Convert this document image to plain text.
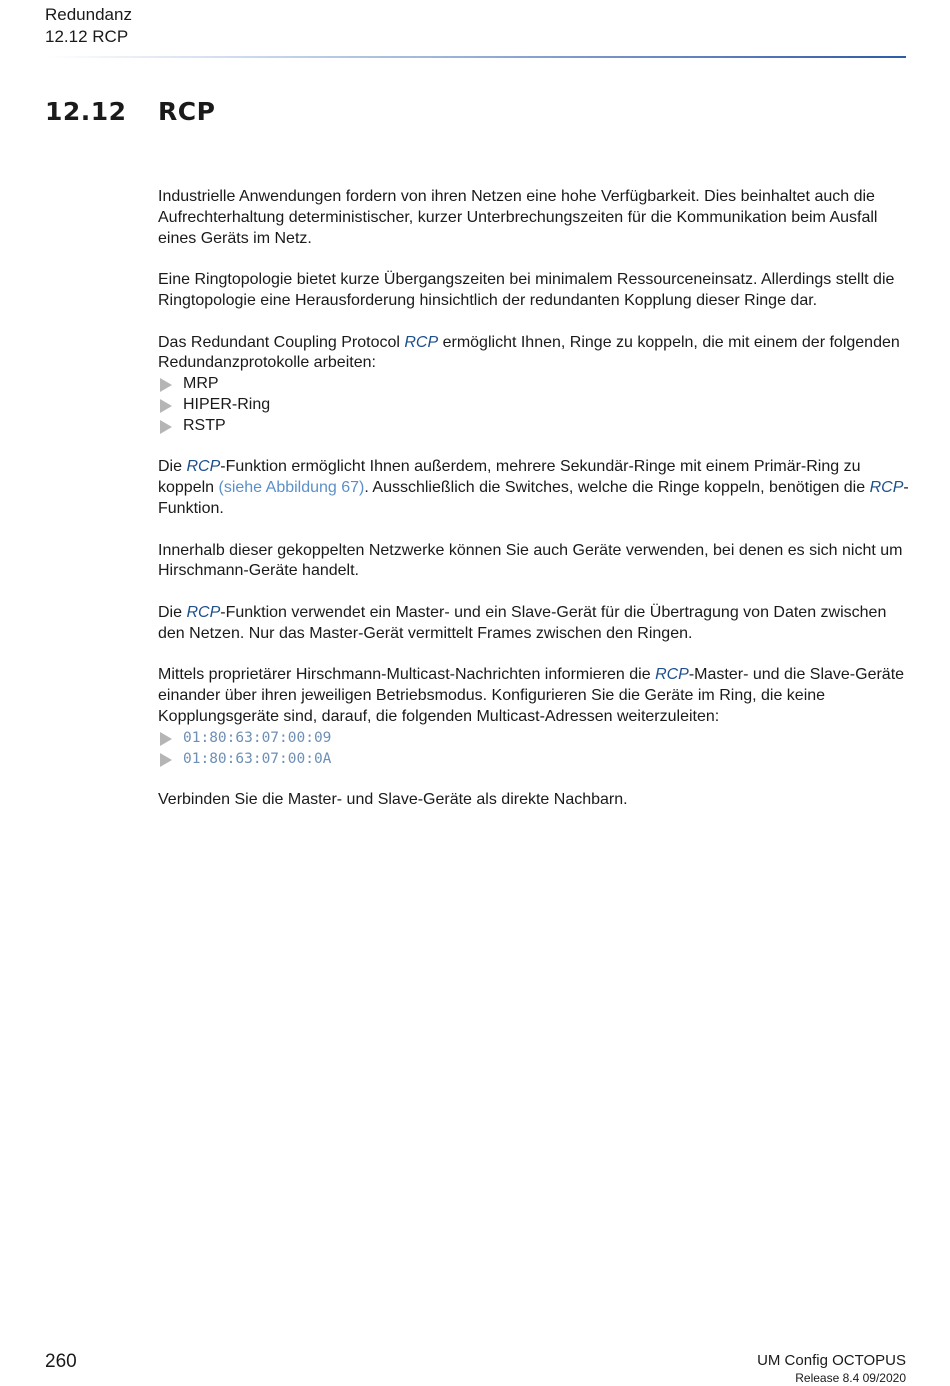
Redundanz
12.12 RCP
12.12 RCP

Industrielle Anwendungen fordern von ihren Netzen eine hohe Verfügbarkeit. Dies beinhaltet auch die Aufrechterhaltung deterministischer, kurzer Unterbrechungszeiten für die Kommunikation beim Ausfall eines Geräts im Netz.

Eine Ringtopologie bietet kurze Übergangszeiten bei minimalem Ressourceneinsatz. Allerdings stellt die Ringtopologie eine Herausforderung hinsichtlich der redundanten Kopplung dieser Ringe dar.

Das Redundant Coupling Protocol RCP ermöglicht Ihnen, Ringe zu koppeln, die mit einem der folgenden Redundanzprotokolle arbeiten:

MRP
HIPER-Ring
RSTP

Die RCP-Funktion ermöglicht Ihnen außerdem, mehrere Sekundär-Ringe mit einem Primär-Ring zu koppeln (siehe Abbildung 67). Ausschließlich die Switches, welche die Ringe koppeln, benötigen die RCP-Funktion.

Innerhalb dieser gekoppelten Netzwerke können Sie auch Geräte verwenden, bei denen es sich nicht um Hirschmann-Geräte handelt.

Die RCP-Funktion verwendet ein Master- und ein Slave-Gerät für die Übertragung von Daten zwischen den Netzen. Nur das Master-Gerät vermittelt Frames zwischen den Ringen.

Mittels proprietärer Hirschmann-Multicast-Nachrichten informieren die RCP-Master- und die Slave-Geräte einander über ihren jeweiligen Betriebsmodus. Konfigurieren Sie die Geräte im Ring, die keine Kopplungsgeräte sind, darauf, die folgenden Multicast-Adressen weiterzuleiten:

01:80:63:07:00:09
01:80:63:07:00:0A

Verbinden Sie die Master- und Slave-Geräte als direkte Nachbarn.

260	UM Config OCTOPUS
Release 8.4 09/2020
